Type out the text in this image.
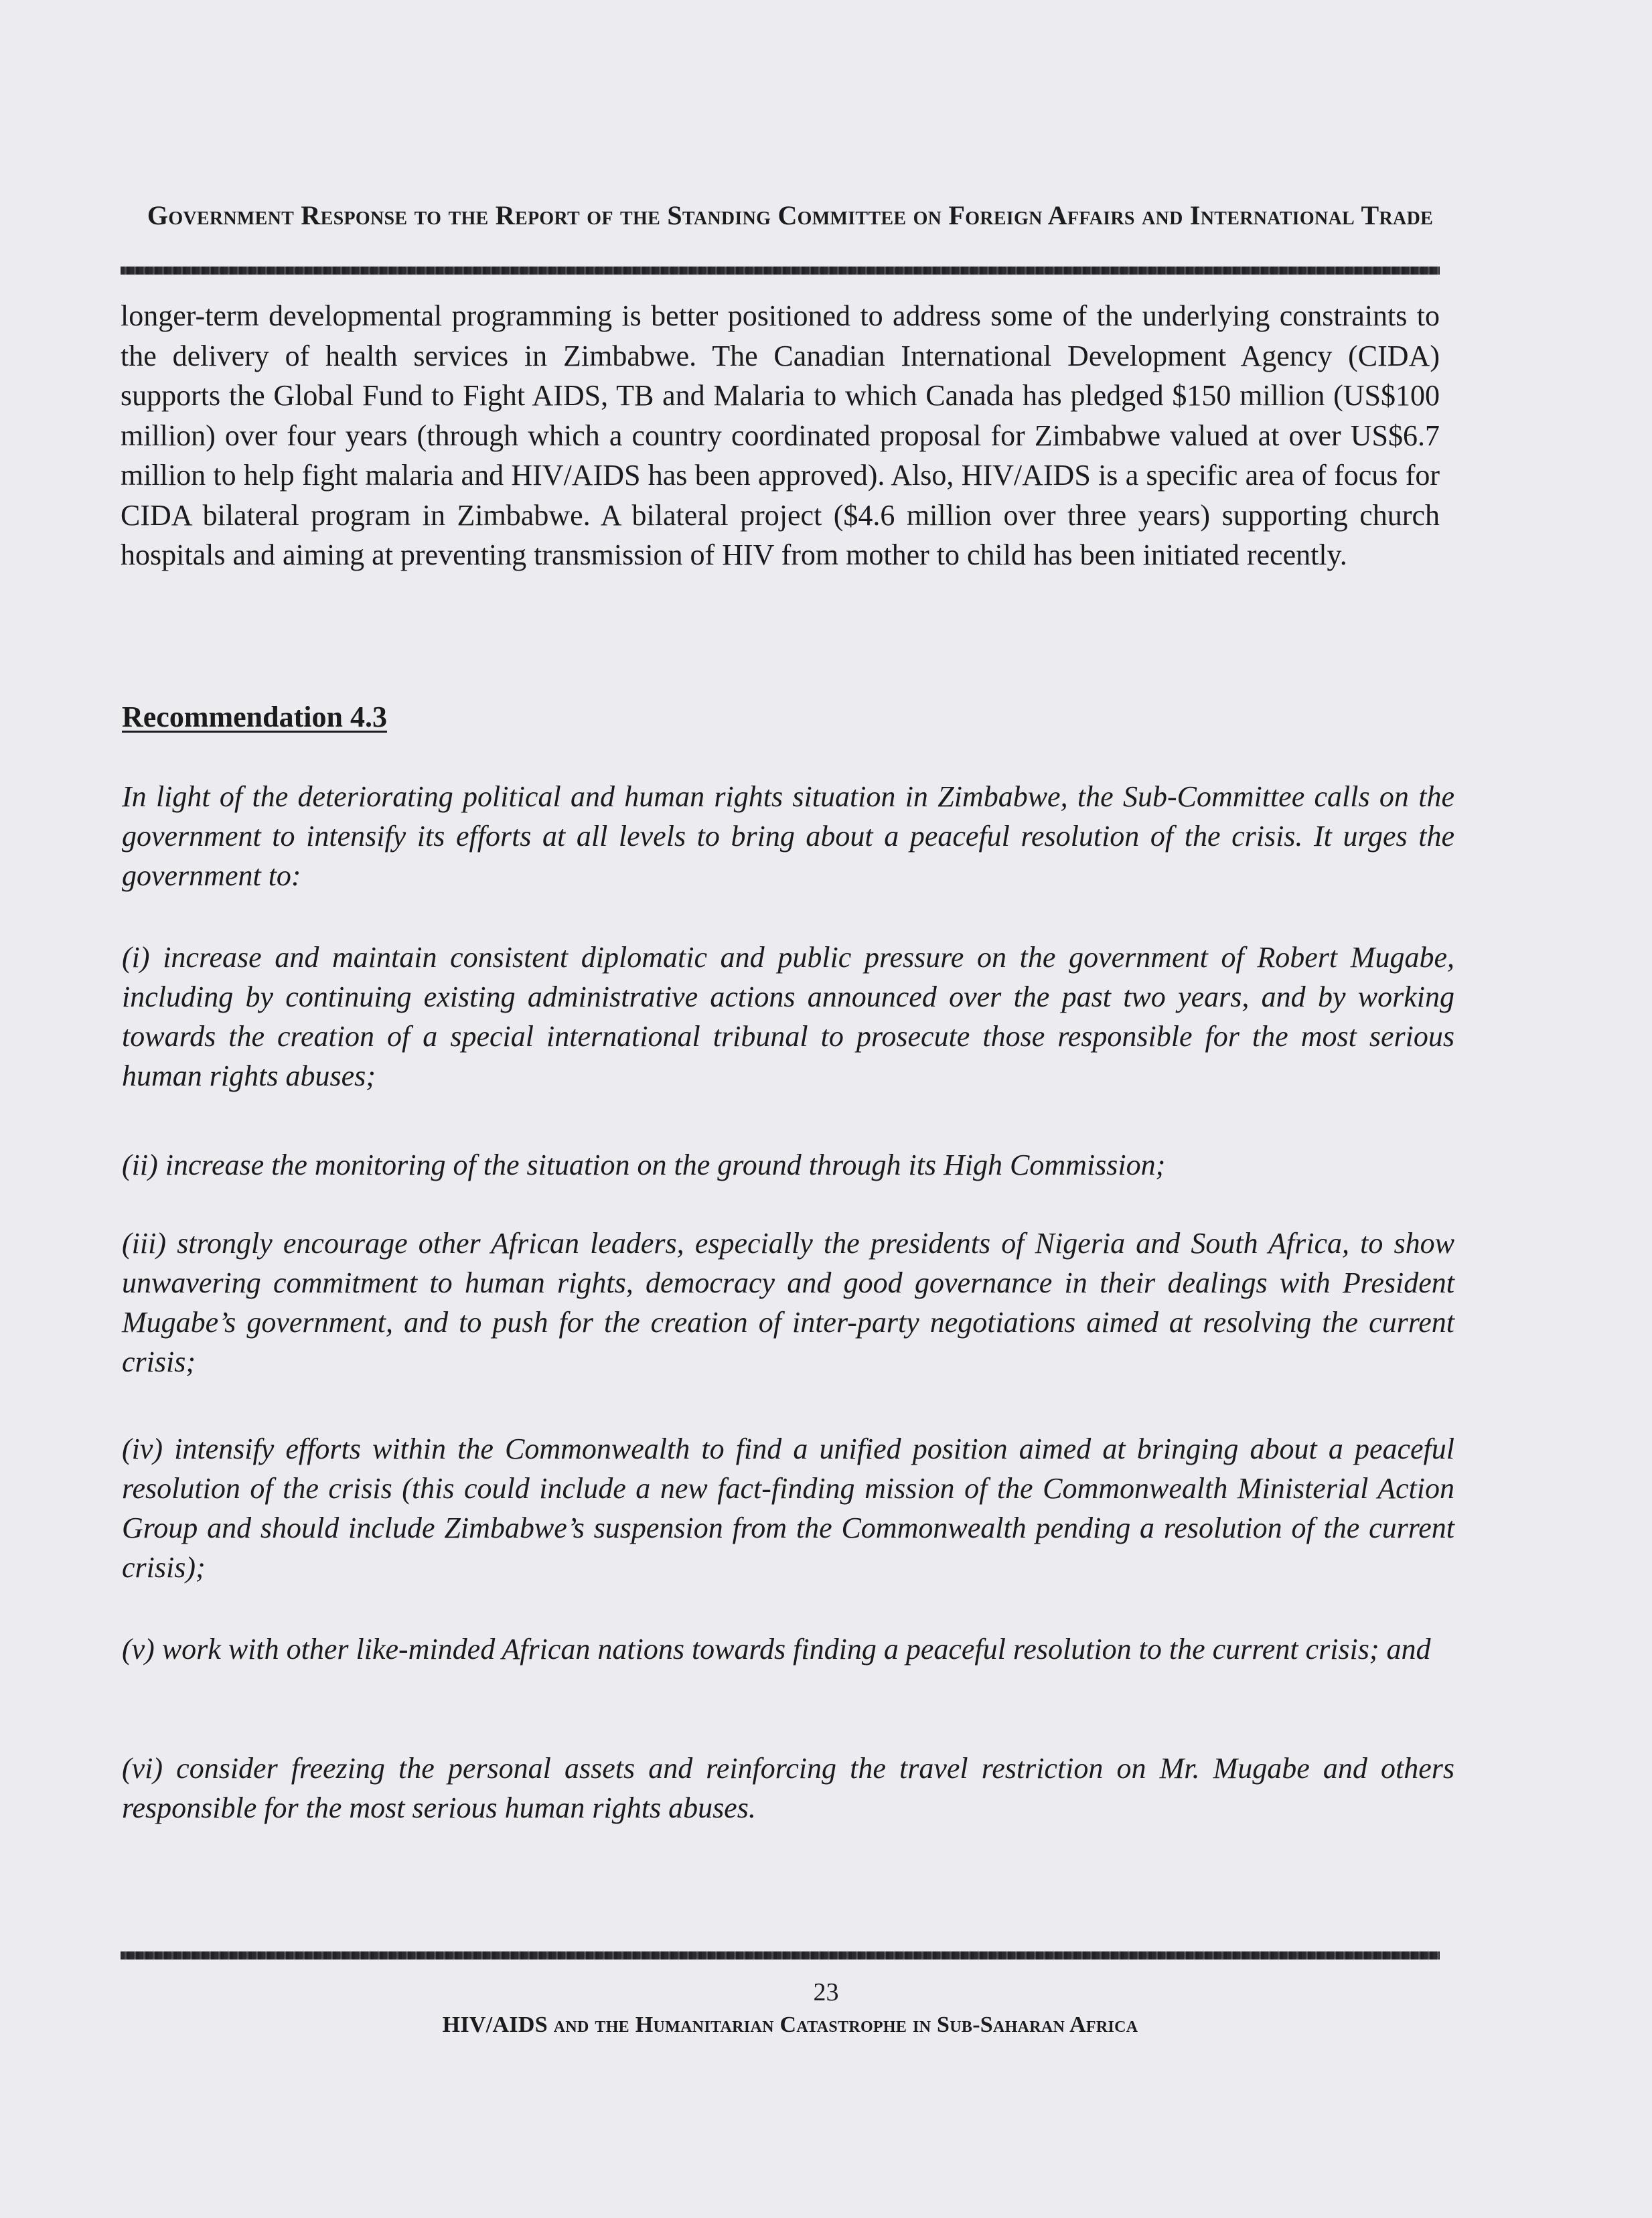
Government Response to the Report of the Standing Committee on Foreign Affairs and International Trade

longer-term developmental programming is better positioned to address some of the underlying constraints to the delivery of health services in Zimbabwe. The Canadian International Development Agency (CIDA) supports the Global Fund to Fight AIDS, TB and Malaria to which Canada has pledged $150 million (US$100 million) over four years (through which a country coordinated proposal for Zimbabwe valued at over US$6.7 million to help fight malaria and HIV/AIDS has been approved). Also, HIV/AIDS is a specific area of focus for CIDA bilateral program in Zimbabwe. A bilateral project ($4.6 million over three years) supporting church hospitals and aiming at preventing transmission of HIV from mother to child has been initiated recently.

Recommendation 4.3

In light of the deteriorating political and human rights situation in Zimbabwe, the Sub-Committee calls on the government to intensify its efforts at all levels to bring about a peaceful resolution of the crisis. It urges the government to:

(i) increase and maintain consistent diplomatic and public pressure on the government of Robert Mugabe, including by continuing existing administrative actions announced over the past two years, and by working towards the creation of a special international tribunal to prosecute those responsible for the most serious human rights abuses;

(ii) increase the monitoring of the situation on the ground through its High Commission;

(iii) strongly encourage other African leaders, especially the presidents of Nigeria and South Africa, to show unwavering commitment to human rights, democracy and good governance in their dealings with President Mugabe’s government, and to push for the creation of inter-party negotiations aimed at resolving the current crisis;

(iv) intensify efforts within the Commonwealth to find a unified position aimed at bringing about a peaceful resolution of the crisis (this could include a new fact-finding mission of the Commonwealth Ministerial Action Group and should include Zimbabwe’s suspension from the Commonwealth pending a resolution of the current crisis);

(v) work with other like-minded African nations towards finding a peaceful resolution to the current crisis; and

(vi) consider freezing the personal assets and reinforcing the travel restriction on Mr. Mugabe and others responsible for the most serious human rights abuses.

23
HIV/AIDS and the Humanitarian Catastrophe in Sub-Saharan Africa
